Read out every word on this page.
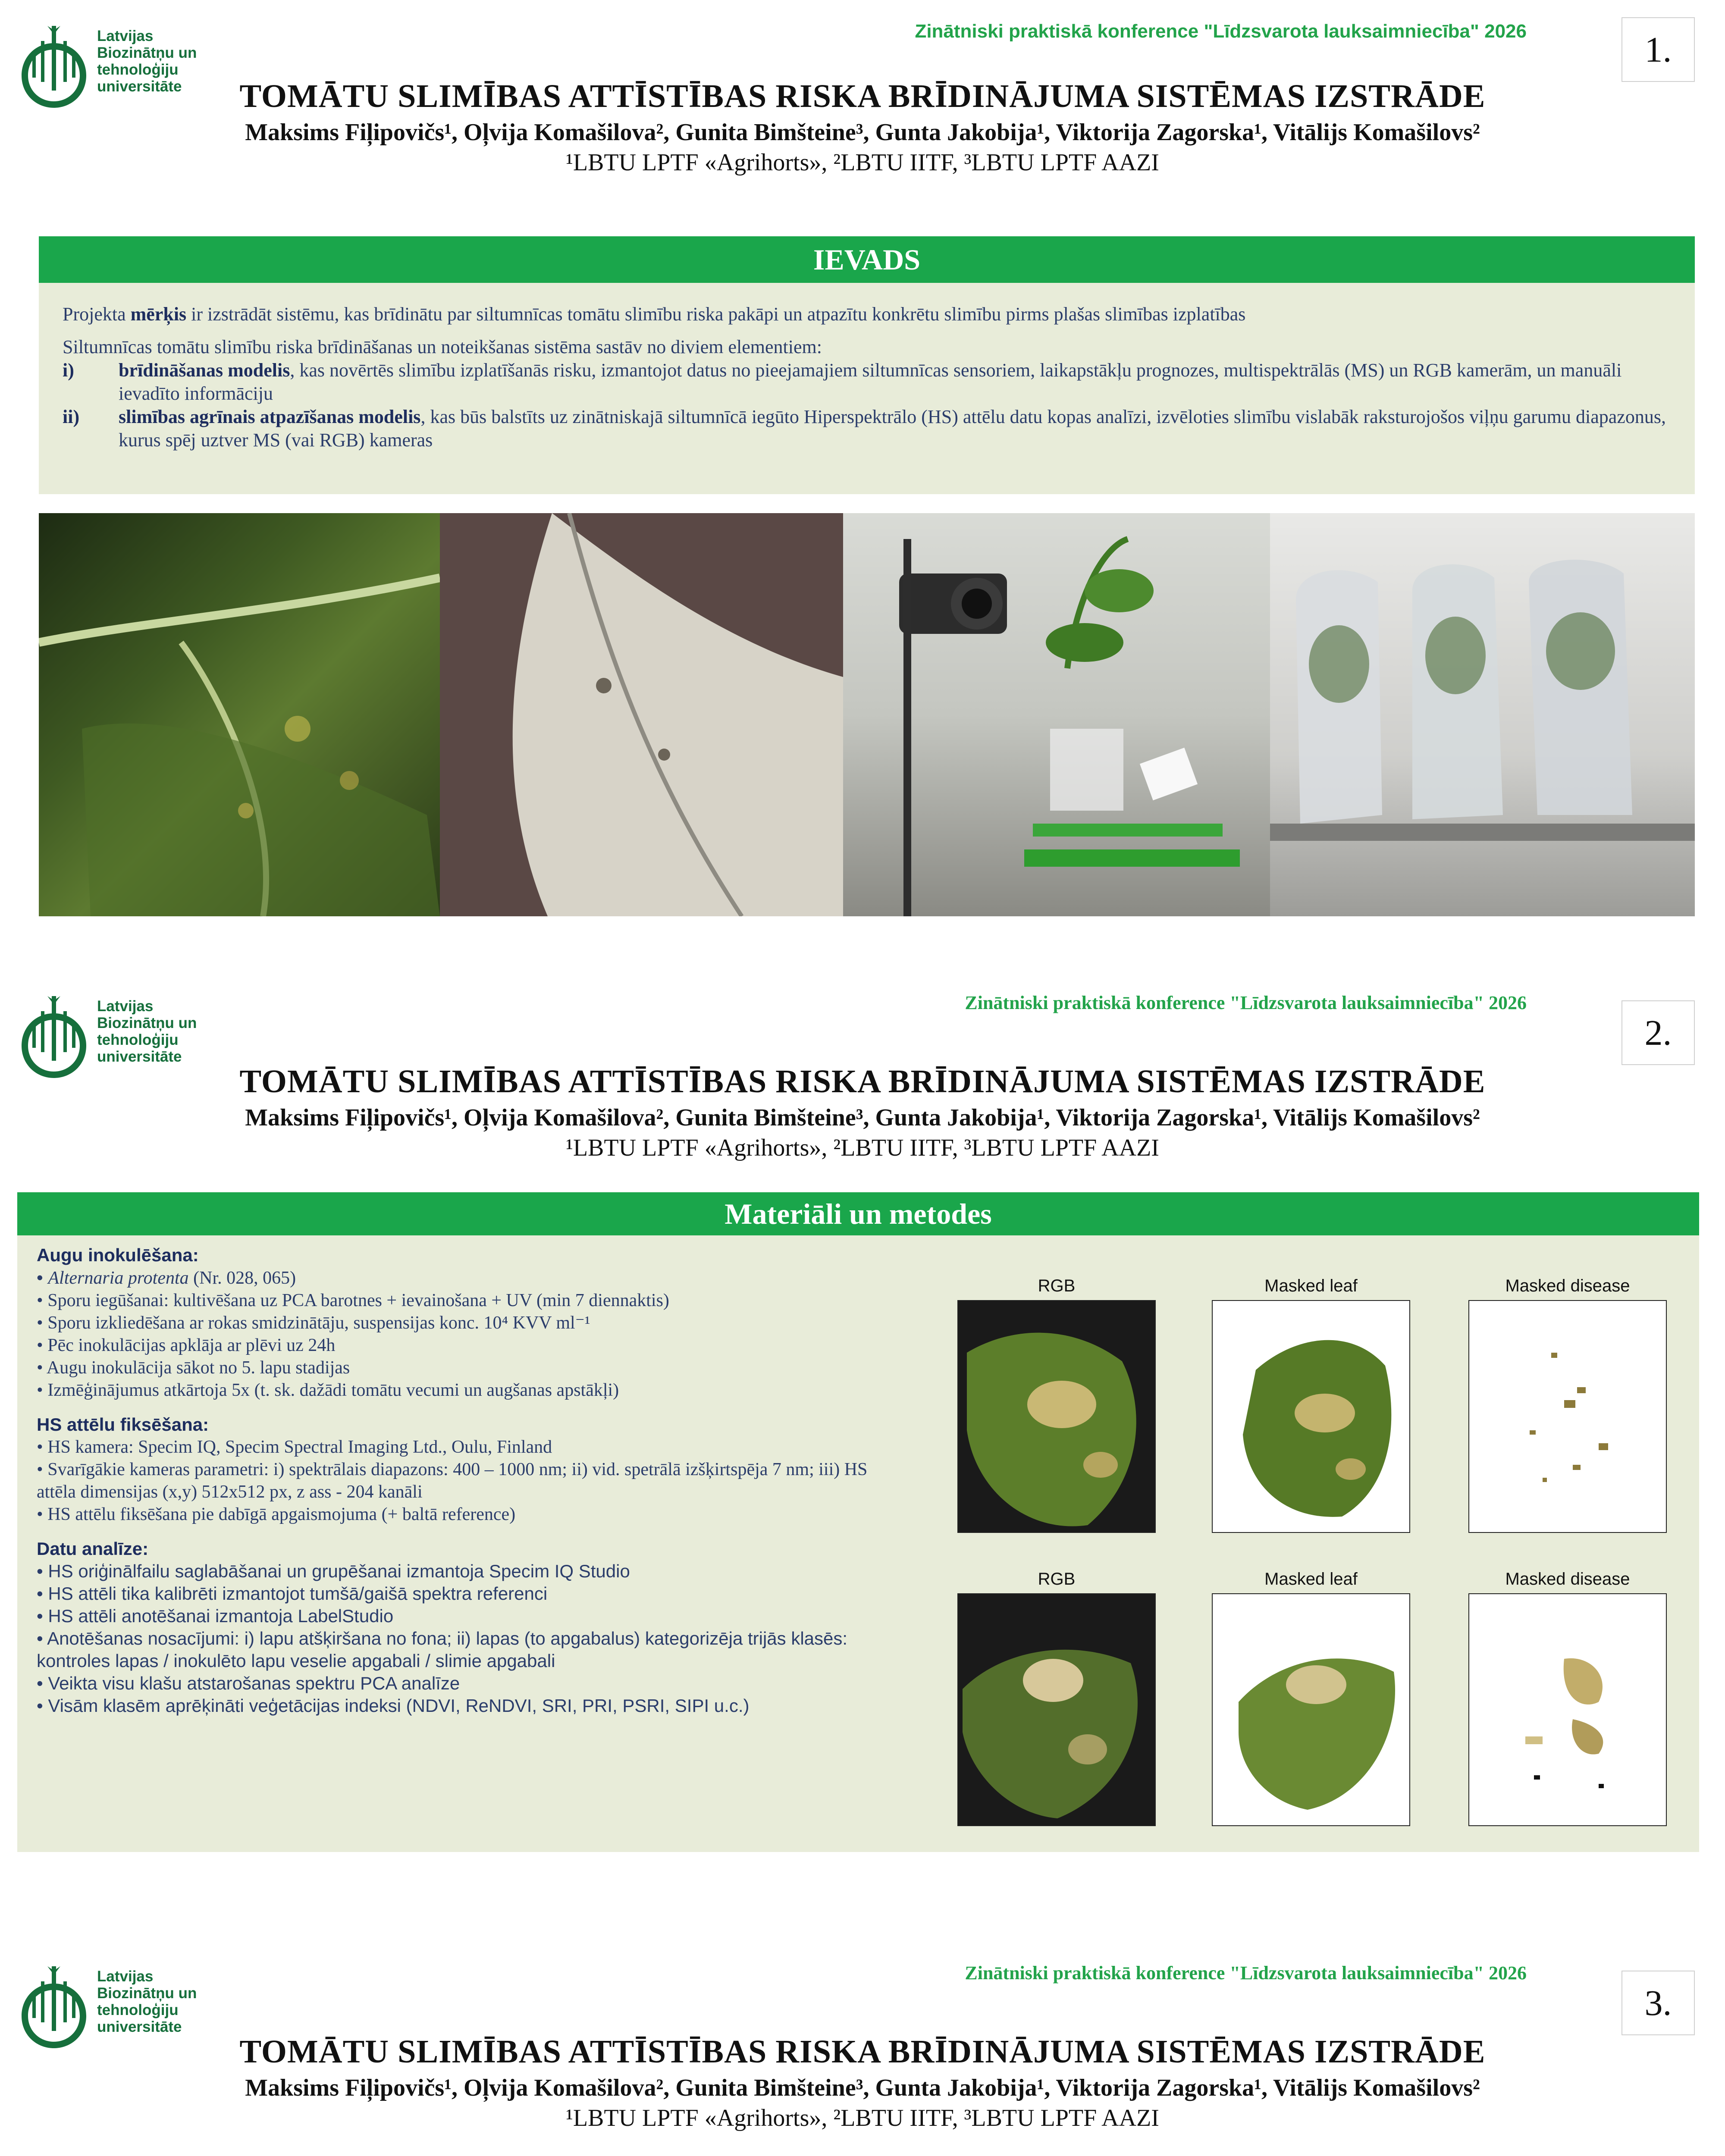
Latvijas
Biozinātņu un
tehnoloģiju
universitāte
Zinātniski praktiskā konference "Līdzsvarota lauksaimniecība" 2026	1.
TOMĀTU SLIMĪBAS ATTĪSTĪBAS RISKA BRĪDINĀJUMA SISTĒMAS IZSTRĀDE
Maksims Fiļipovičs¹, Oļvija Komašilova², Gunita Bimšteine³, Gunta Jakobija¹, Viktorija Zagorska¹, Vitālijs Komašilovs²
¹LBTU LPTF «Agrihorts», ²LBTU IITF, ³LBTU LPTF AAZI
IEVADS

Projekta mērķis ir izstrādāt sistēmu, kas brīdinātu par siltumnīcas tomātu slimību riska pakāpi un atpazītu konkrētu slimību pirms plašas slimības izplatības

Siltumnīcas tomātu slimību riska brīdināšanas un noteikšanas sistēma sastāv no diviem elementiem:

i)	brīdināšanas modelis, kas novērtēs slimību izplatīšanās risku, izmantojot datus no pieejamajiem siltumnīcas sensoriem, laikapstākļu prognozes, multispektrālās (MS) un RGB kamerām, un manuāli ievadīto informāciju

ii)	slimības agrīnais atpazīšanas modelis, kas būs balstīts uz zinātniskajā siltumnīcā iegūto Hiperspektrālo (HS) attēlu datu kopas analīzi, izvēloties slimību vislabāk raksturojošos viļņu garumu diapazonus, kurus spēj uztver MS (vai RGB) kameras

Latvijas
Biozinātņu un
tehnoloģiju
universitāte
Zinātniski praktiskā konference "Līdzsvarota lauksaimniecība" 2026
2.
TOMĀTU SLIMĪBAS ATTĪSTĪBAS RISKA BRĪDINĀJUMA SISTĒMAS IZSTRĀDE
Maksims Fiļipovičs¹, Oļvija Komašilova², Gunita Bimšteine³, Gunta Jakobija¹, Viktorija Zagorska¹, Vitālijs Komašilovs²
¹LBTU LPTF «Agrihorts», ²LBTU IITF, ³LBTU LPTF AAZI
Materiāli un metodes
Augu inokulēšana:
• Alternaria protenta (Nr. 028, 065)
• Sporu iegūšanai: kultivēšana uz PCA barotnes + ievainošana + UV (min 7 diennaktis)
• Sporu izkliedēšana ar rokas smidzinātāju, suspensijas konc. 10⁴ KVV ml⁻¹
• Pēc inokulācijas apklāja ar plēvi uz 24h
• Augu inokulācija sākot no 5. lapu stadijas
• Izmēģinājumus atkārtoja 5x (t. sk. dažādi tomātu vecumi un augšanas apstākļi)
HS attēlu fiksēšana:
• HS kamera: Specim IQ, Specim Spectral Imaging Ltd., Oulu, Finland
• Svarīgākie kameras parametri: i) spektrālais diapazons: 400 – 1000 nm; ii) vid. spetrālā izšķirtspēja 7 nm; iii) HS attēla dimensijas (x,y) 512x512 px, z ass - 204 kanāli
• HS attēlu fiksēšana pie dabīgā apgaismojuma (+ baltā reference)
Datu analīze:
• HS oriģinālfailu saglabāšanai un grupēšanai izmantoja Specim IQ Studio
• HS attēli tika kalibrēti izmantojot tumšā/gaišā spektra referenci
• HS attēli anotēšanai izmantoja LabelStudio
• Anotēšanas nosacījumi: i) lapu atšķiršana no fona; ii) lapas (to apgabalus) kategorizēja trijās klasēs: kontroles lapas / inokulēto lapu veselie apgabali / slimie apgabali
• Veikta visu klašu atstarošanas spektru PCA analīze
• Visām klasēm aprēķināti veģetācijas indeksi (NDVI, ReNDVI, SRI, PRI, PSRI, SIPI u.c.)
RGB	Masked leaf	Masked disease
RGB	Masked leaf	Masked disease
Latvijas
Biozinātņu un
tehnoloģiju
universitāte
Zinātniski praktiskā konference "Līdzsvarota lauksaimniecība" 2026
3.
TOMĀTU SLIMĪBAS ATTĪSTĪBAS RISKA BRĪDINĀJUMA SISTĒMAS IZSTRĀDE
Maksims Fiļipovičs¹, Oļvija Komašilova², Gunita Bimšteine³, Gunta Jakobija¹, Viktorija Zagorska¹, Vitālijs Komašilovs²
¹LBTU LPTF «Agrihorts», ²LBTU IITF, ³LBTU LPTF AAZI
